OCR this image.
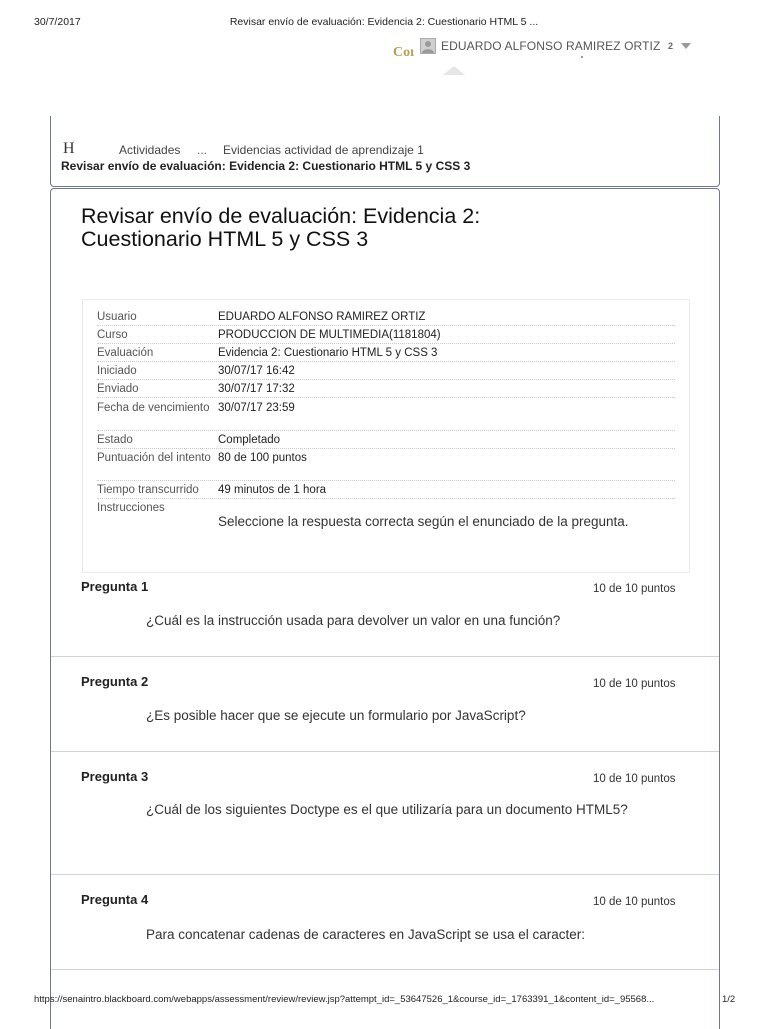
30/7/2017	Revisar envío de evaluación: Evidencia 2: Cuestionario HTML 5 ...
Coı EDUARDO ALFONSO RAMIREZ ORTIZ 2
H	Actividades ... Evidencias actividad de aprendizaje 1
Revisar envío de evaluación: Evidencia 2: Cuestionario HTML 5 y CSS 3
Revisar envío de evaluación: Evidencia 2: Cuestionario HTML 5 y CSS 3
Usuario	EDUARDO ALFONSO RAMIREZ ORTIZ
Curso	PRODUCCION DE MULTIMEDIA(1181804)
Evaluación	Evidencia 2: Cuestionario HTML 5 y CSS 3
Iniciado	30/07/17 16:42
Enviado	30/07/17 17:32
Fecha de vencimiento 30/07/17 23:59
Estado	Completado
Puntuación del intento 80 de 100 puntos
Tiempo transcurrido	49 minutos de 1 hora
Instrucciones
Seleccione la respuesta correcta según el enunciado de la pregunta.
Pregunta 1	10 de 10 puntos
¿Cuál es la instrucción usada para devolver un valor en una función?
Pregunta 2	10 de 10 puntos
¿Es posible hacer que se ejecute un formulario por JavaScript?
Pregunta 3	10 de 10 puntos
¿Cuál de los siguientes Doctype es el que utilizaría para un documento HTML5?
Pregunta 4	10 de 10 puntos
Para concatenar cadenas de caracteres en JavaScript se usa el caracter:
https://senaintro.blackboard.com/webapps/assessment/review/review.jsp?attempt_id=_53647526_1&course_id=_1763391_1&content_id=_95568...	1/2
